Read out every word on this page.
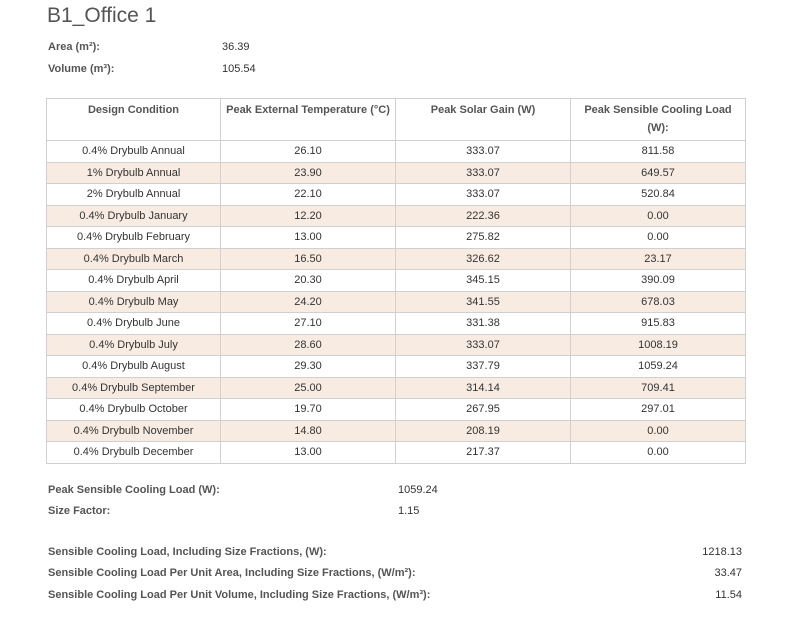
B1_Office 1
Area (m²):	36.39
Volume (m³):	105.54
Design Condition	Peak External Temperature (°C)	Peak Solar Gain (W)	Peak Sensible Cooling Load (W):
0.4% Drybulb Annual	26.10	333.07	811.58
1% Drybulb Annual	23.90	333.07	649.57
2% Drybulb Annual	22.10	333.07	520.84
0.4% Drybulb January	12.20	222.36	0.00
0.4% Drybulb February	13.00	275.82	0.00
0.4% Drybulb March	16.50	326.62	23.17
0.4% Drybulb April	20.30	345.15	390.09
0.4% Drybulb May	24.20	341.55	678.03
0.4% Drybulb June	27.10	331.38	915.83
0.4% Drybulb July	28.60	333.07	1008.19
0.4% Drybulb August	29.30	337.79	1059.24
0.4% Drybulb September	25.00	314.14	709.41
0.4% Drybulb October	19.70	267.95	297.01
0.4% Drybulb November	14.80	208.19	0.00
0.4% Drybulb December	13.00	217.37	0.00
Peak Sensible Cooling Load (W):	1059.24
Size Factor:	1.15
Sensible Cooling Load, Including Size Fractions, (W):	1218.13
Sensible Cooling Load Per Unit Area, Including Size Fractions, (W/m²):	33.47
Sensible Cooling Load Per Unit Volume, Including Size Fractions, (W/m³):	11.54
